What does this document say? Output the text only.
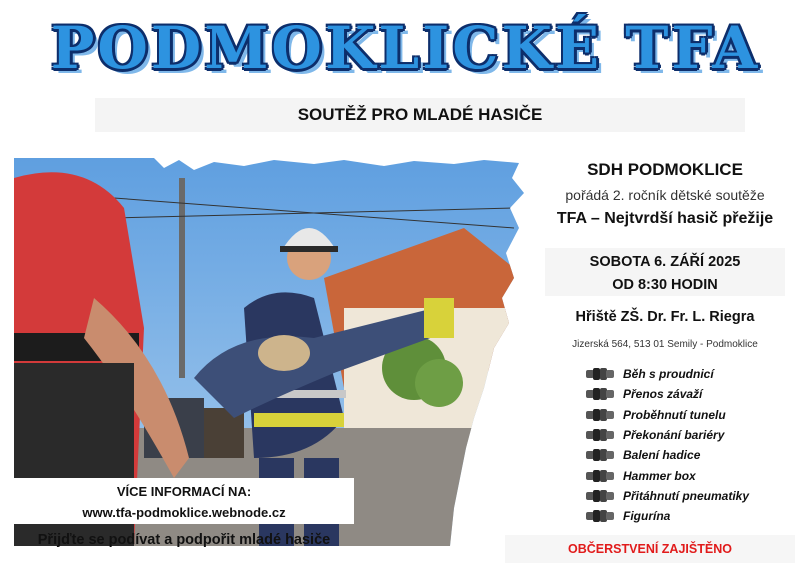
PODMOKLICKÉ TFA
SOUTĚŽ PRO MLADÉ HASIČE
VÍCE INFORMACÍ NA:
www.tfa-podmoklice.webnode.cz
Přijďte se podívat a podpořit mladé hasiče
SDH PODMOKLICE
pořádá 2. ročník dětské soutěže
TFA – Nejtvrdší hasič přežije
SOBOTA 6. ZÁŘÍ 2025
OD 8:30 HODIN
Hřiště ZŠ. Dr. Fr. L. Riegra
Jizerská 564, 513 01 Semily - Podmoklice
Běh s proudnicí
Přenos závaží
Proběhnutí tunelu
Překonání bariéry
Balení hadice
Hammer box
Přitáhnutí pneumatiky
Figurína
OBČERSTVENÍ ZAJIŠTĚNO
